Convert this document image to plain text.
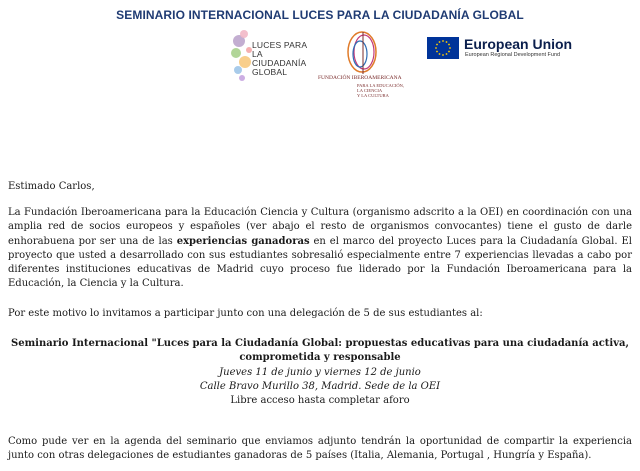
SEMINARIO INTERNACIONAL LUCES PARA LA CIUDADANÍA GLOBAL
LUCES PARA
LA CIUDADANÍA
GLOBAL
FUNDACIÓN IBEROAMERICANA
PARA LA EDUCACIÓN,
LA CIENCIA
Y LA CULTURA
European Union
European Regional Development Fund
Estimado Carlos,
La Fundación Iberoamericana para la Educación Ciencia y Cultura (organismo adscrito a la OEI) en coordinación con una amplia red de socios europeos y españoles (ver abajo el resto de organismos convocantes) tiene el gusto de darle enhorabuena por ser una de las experiencias ganadoras en el marco del proyecto Luces para la Ciudadanía Global. El proyecto que usted a desarrollado con sus estudiantes sobresalió especialmente entre 7 experiencias llevadas a cabo por diferentes instituciones educativas de Madrid cuyo proceso fue liderado por la Fundación Iberoamericana para la Educación, la Ciencia y la Cultura.
Por este motivo lo invitamos a participar junto con una delegación de 5 de sus estudiantes al:
Seminario Internacional "Luces para la Ciudadanía Global: propuestas educativas para una ciudadanía activa, comprometida y responsable
Jueves 11 de junio y viernes 12 de junio
Calle Bravo Murillo 38, Madrid. Sede de la OEI
Libre acceso hasta completar aforo
Como pude ver en la agenda del seminario que enviamos adjunto tendrán la oportunidad de compartir la experiencia junto con otras delegaciones de estudiantes ganadoras de 5 países (Italia, Alemania, Portugal , Hungría y España).
